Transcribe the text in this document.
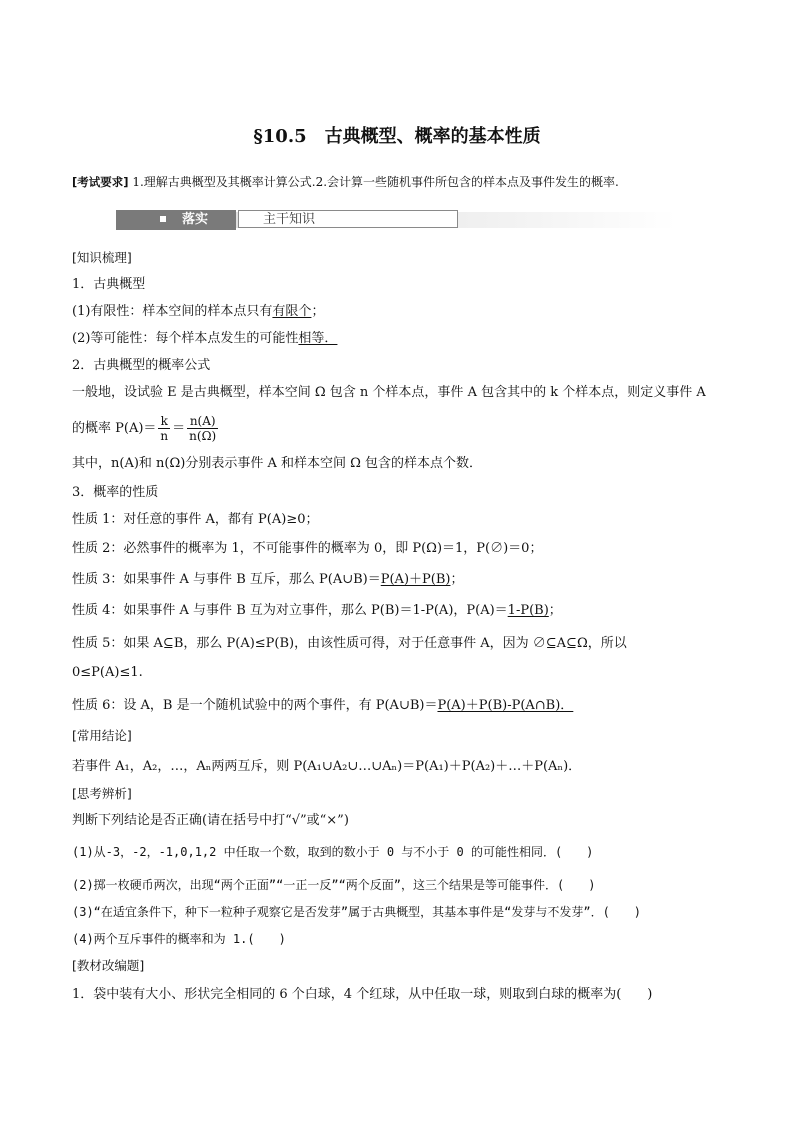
§10.5　古典概型、概率的基本性质
[考试要求] 1.理解古典概型及其概率计算公式.2.会计算一些随机事件所包含的样本点及事件发生的概率.
落实	主干知识
[知识梳理]
1．古典概型
(1)有限性：样本空间的样本点只有有限个；
(2)等可能性：每个样本点发生的可能性相等．
2．古典概型的概率公式
一般地，设试验 E 是古典概型，样本空间 Ω 包含 n 个样本点，事件 A 包含其中的 k 个样本点，则定义事件 A
的概率 $P(A)= \frac{k}{n} = \frac{n(A)}{n(\Omega)}$
其中，n(A)和 n(Ω)分别表示事件 A 和样本空间 Ω 包含的样本点个数．
3．概率的性质
性质 1：对任意的事件 A，都有 P(A)≥0；
性质 2：必然事件的概率为 1，不可能事件的概率为 0，即 P(Ω)＝1，P(∅)＝0；
性质 3：如果事件 A 与事件 B 互斥，那么 P(A∪B)＝P(A)＋P(B)；
性质 4：如果事件 A 与事件 B 互为对立事件，那么 P(B)＝1-P(A)，P(A)＝1-P(B)；
性质 5：如果 A⊆B，那么 P(A)≤P(B)，由该性质可得，对于任意事件 A，因为 ∅⊆A⊆Ω，所以
0≤P(A)≤1.
性质 6：设 A，B 是一个随机试验中的两个事件，有 P(A∪B)＝P(A)＋P(B)-P(A∩B)．
[常用结论]
若事件 A₁，A₂，…，Aₙ两两互斥，则 P(A₁∪A₂∪…∪Aₙ)＝P(A₁)＋P(A₂)＋…＋P(Aₙ)．
[思考辨析]
判断下列结论是否正确(请在括号中打“√”或“×”)
(1)从-3，-2，-1,0,1,2 中任取一个数，取到的数小于 0 与不小于 0 的可能性相同．(　　)
(2)掷一枚硬币两次，出现“两个正面”“一正一反”“两个反面”，这三个结果是等可能事件．(　　)
(3)“在适宜条件下，种下一粒种子观察它是否发芽”属于古典概型，其基本事件是“发芽与不发芽”．(　　)
(4)两个互斥事件的概率和为 1.(　　)
[教材改编题]
1．袋中装有大小、形状完全相同的 6 个白球，4 个红球，从中任取一球，则取到白球的概率为(　　)
